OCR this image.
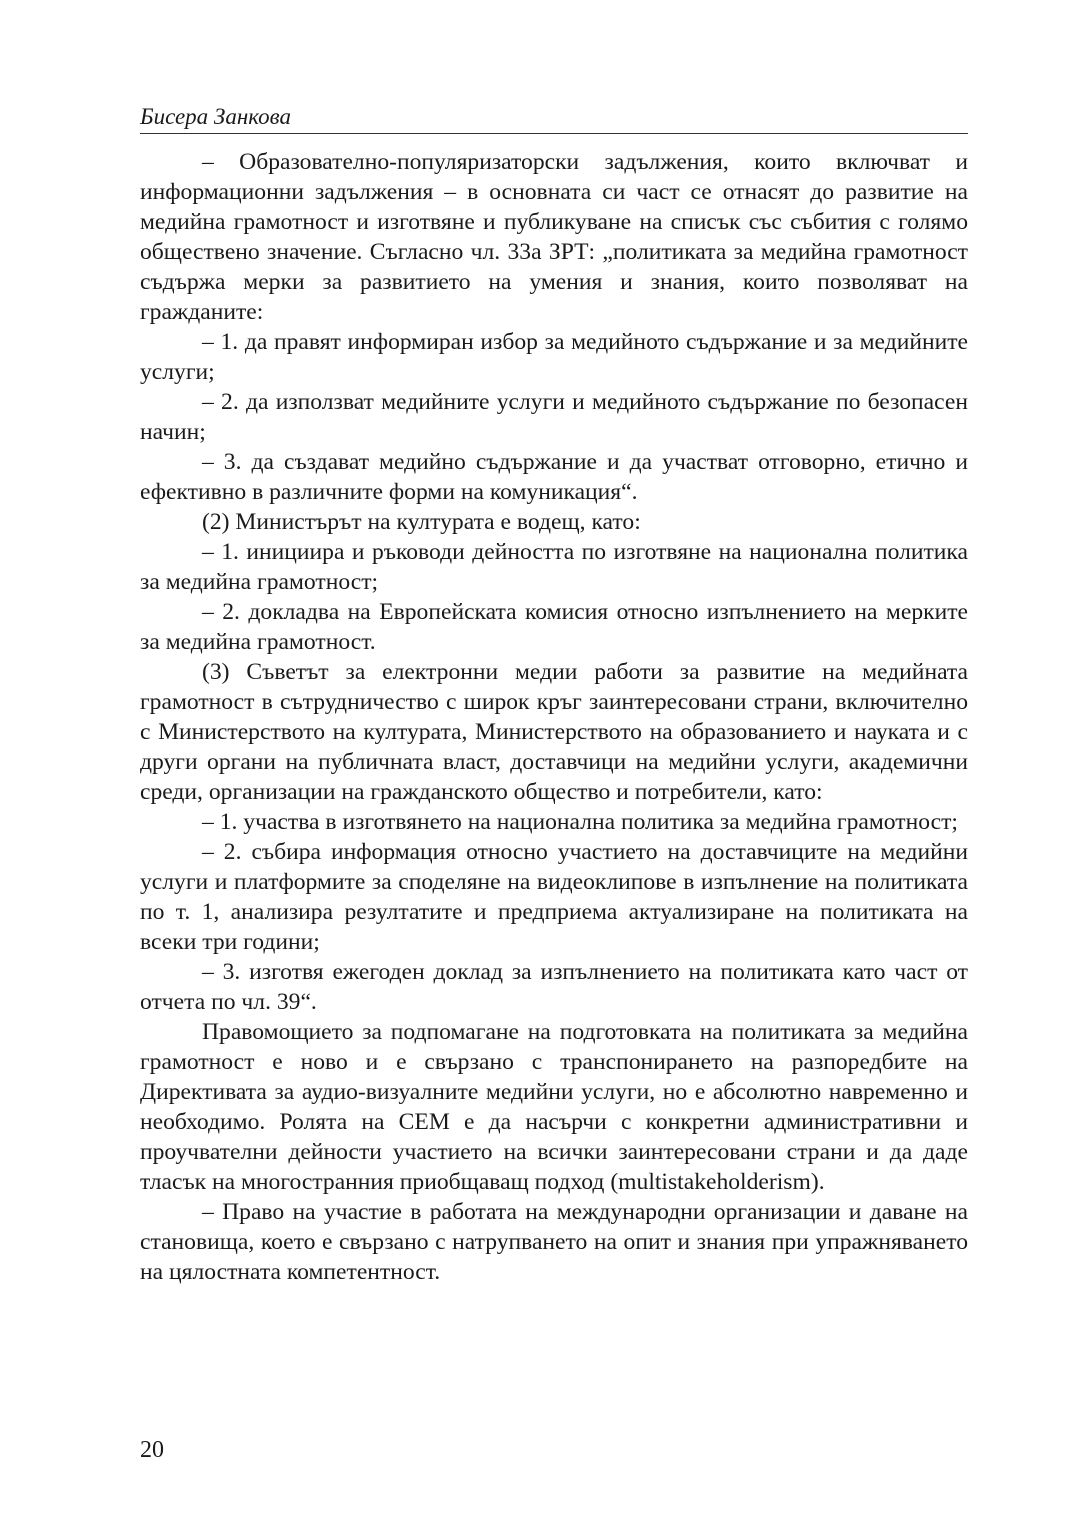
Бисера Занкова

– Образователно-популяризаторски задължения, които включват и информационни задължения – в основната си част се отнасят до развитие на медийна грамотност и изготвяне и публикуване на списък със събития с голямо обществено значение. Съгласно чл. 33а ЗРТ: „политиката за медийна грамотност съдържа мерки за развитието на умения и знания, които позволяват на гражданите:

– 1. да правят информиран избор за медийното съдържание и за медийните услуги;

– 2. да използват медийните услуги и медийното съдържание по безопасен начин;

– 3. да създават медийно съдържание и да участват отговорно, етично и ефективно в различните форми на комуникация“.

(2) Министърът на културата е водещ, като:

– 1. инициира и ръководи дейността по изготвяне на национална политика за медийна грамотност;

– 2. докладва на Европейската комисия относно изпълнението на мерките за медийна грамотност.

(3) Съветът за електронни медии работи за развитие на медийната грамотност в сътрудничество с широк кръг заинтересовани страни, включително с Министерството на културата, Министерството на образованието и науката и с други органи на публичната власт, доставчици на медийни услуги, академични среди, организации на гражданското общество и потребители, като:

– 1. участва в изготвянето на национална политика за медийна грамотност;

– 2. събира информация относно участието на доставчиците на медийни услуги и платформите за споделяне на видеоклипове в изпълнение на политиката по т. 1, анализира резултатите и предприема актуализиране на политиката на всеки три години;

– 3. изготвя ежегоден доклад за изпълнението на политиката като част от отчета по чл. 39“.

Правомощието за подпомагане на подготовката на политиката за медийна грамотност е ново и е свързано с транспонирането на разпоредбите на Директивата за аудио-визуалните медийни услуги, но е абсолютно навременно и необходимо. Ролята на СЕМ е да насърчи с конкретни административни и проучвателни дейности участието на всички заинтересовани страни и да даде тласък на многостранния приобщаващ подход (multistakeholderism).

– Право на участие в работата на международни организации и даване на становища, което е свързано с натрупването на опит и знания при упражняването на цялостната компетентност.

20
